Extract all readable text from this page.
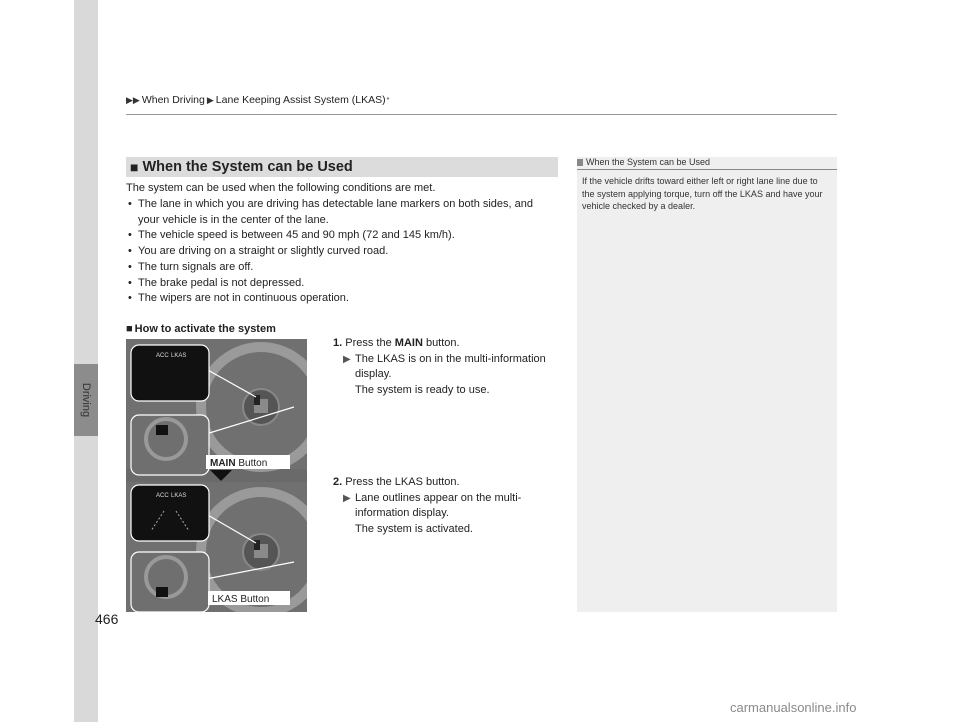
Driving
▶▶ When Driving ▶ Lane Keeping Assist System (LKAS) *
■ When the System can be Used
The system can be used when the following conditions are met.
• The lane in which you are driving has detectable lane markers on both sides, and
your vehicle is in the center of the lane.
• The vehicle speed is between 45 and 90 mph (72 and 145 km/h).
• You are driving on a straight or slightly curved road.
• The turn signals are off.
• The brake pedal is not depressed.
• The wipers are not in continuous operation.
■ How to activate the system
1. Press the MAIN button.
▶ The LKAS is on in the multi-information
display.
The system is ready to use.
2. Press the LKAS button.
▶ Lane outlines appear on the multi-
information display.
The system is activated.
ACC LKAS
MAIN Button
ACC LKAS
LKAS Button
When the System can be Used
If the vehicle drifts toward either left or right lane line due to the system applying torque, turn off the LKAS and have your vehicle checked by a dealer.
466
carmanualsonline.info
